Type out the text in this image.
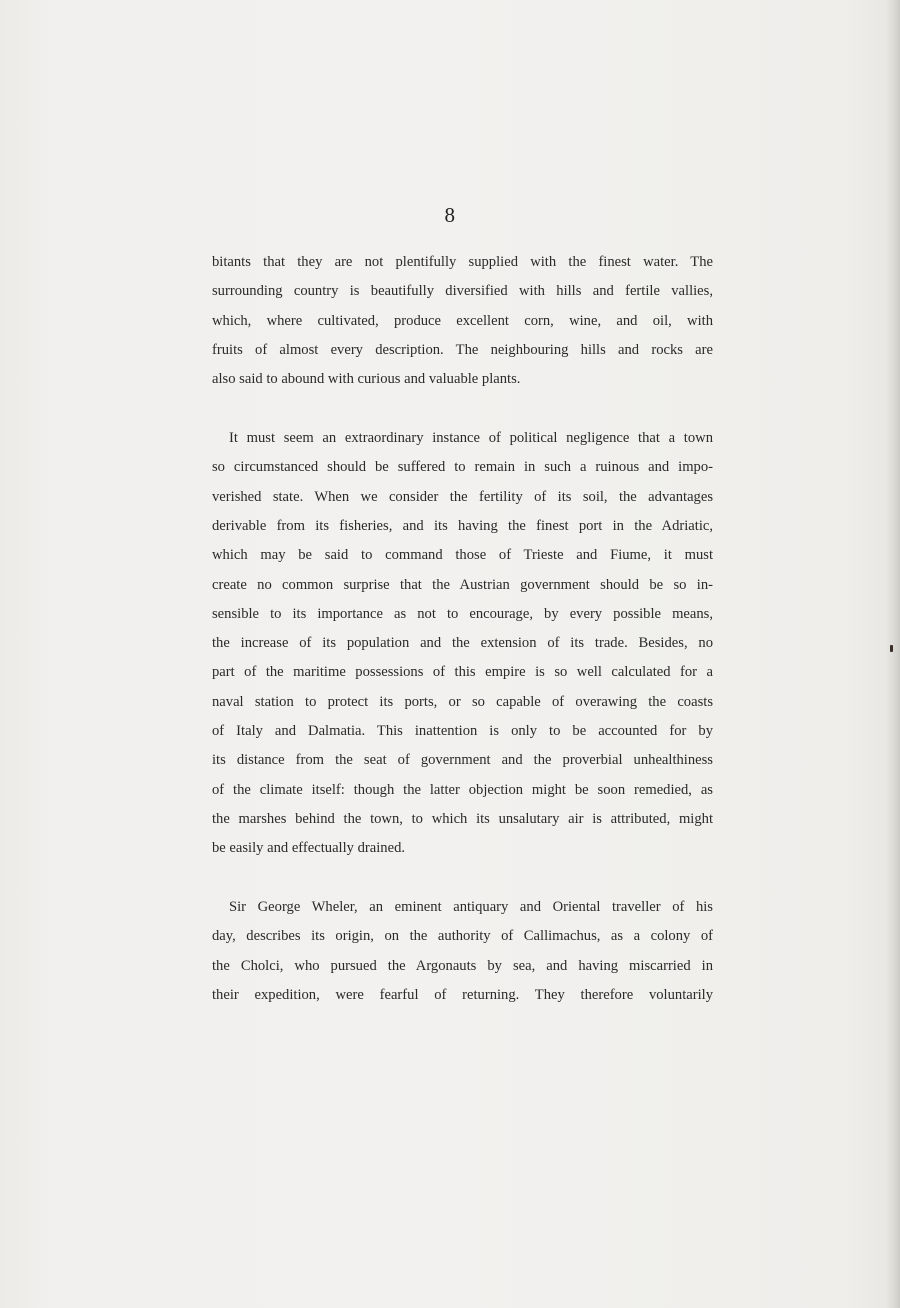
8
bitants that they are not plentifully supplied with the finest water. The
surrounding country is beautifully diversified with hills and fertile vallies,
which, where cultivated, produce excellent corn, wine, and oil, with
fruits of almost every description. The neighbouring hills and rocks are
also said to abound with curious and valuable plants.
It must seem an extraordinary instance of political negligence that a town
so circumstanced should be suffered to remain in such a ruinous and impo-
verished state. When we consider the fertility of its soil, the advantages
derivable from its fisheries, and its having the finest port in the Adriatic,
which may be said to command those of Trieste and Fiume, it must
create no common surprise that the Austrian government should be so in-
sensible to its importance as not to encourage, by every possible means,
the increase of its population and the extension of its trade. Besides, no
part of the maritime possessions of this empire is so well calculated for a
naval station to protect its ports, or so capable of overawing the coasts
of Italy and Dalmatia. This inattention is only to be accounted for by
its distance from the seat of government and the proverbial unhealthiness
of the climate itself: though the latter objection might be soon remedied, as
the marshes behind the town, to which its unsalutary air is attributed, might
be easily and effectually drained.
Sir George Wheler, an eminent antiquary and Oriental traveller of his
day, describes its origin, on the authority of Callimachus, as a colony of
the Cholci, who pursued the Argonauts by sea, and having miscarried in
their expedition, were fearful of returning. They therefore voluntarily
